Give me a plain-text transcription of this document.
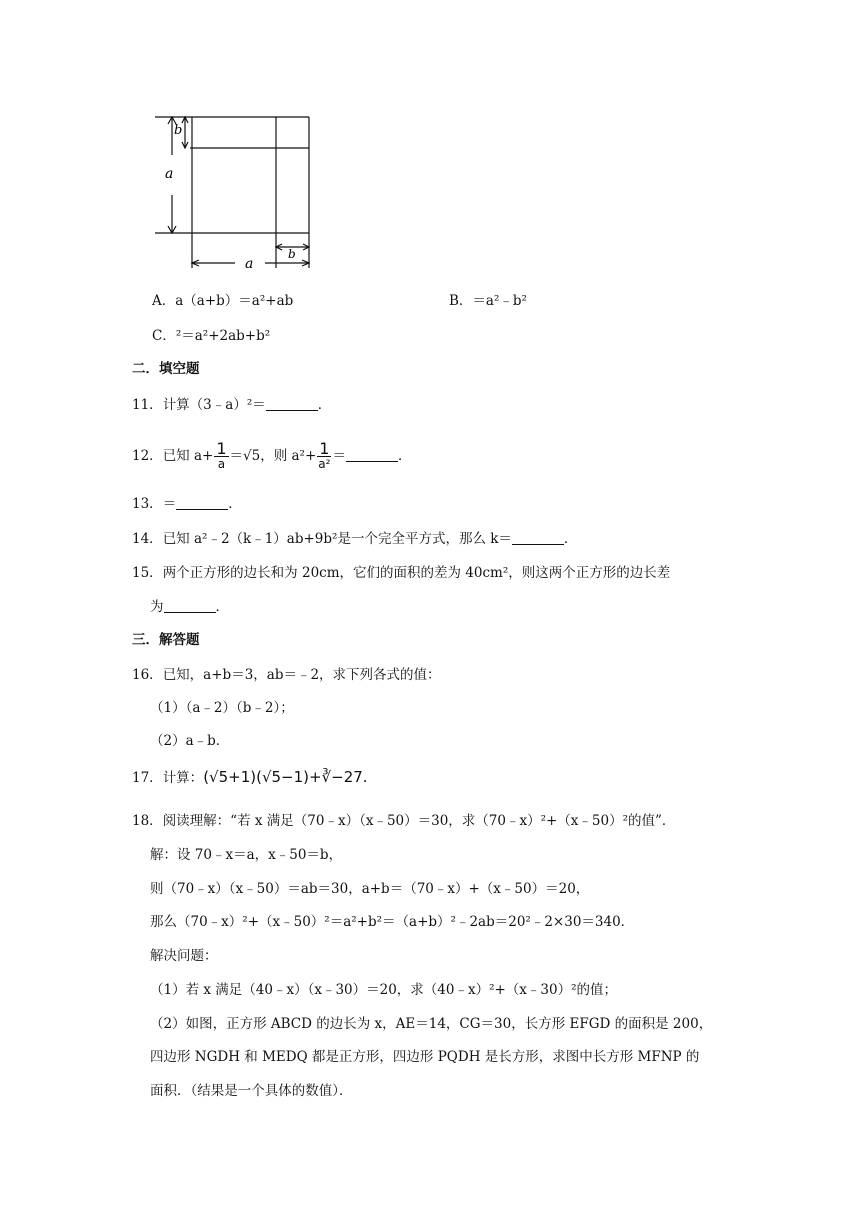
b
a
a
b
A．a（a+b）＝a²+ab	B．＝a²﹣b²
C．²＝a²+2ab+b²
二．填空题
11．计算（3﹣a）²＝	．
12．已知 $a+ \frac{1}{a} =√5$，则 $a^2+ \frac{1}{\text{a²}}$ ＝	．
13．＝	．
14．已知 a²﹣2（k﹣1）ab+9b²是一个完全平方式，那么 k＝	．
15．两个正方形的边长和为 20cm，它们的面积的差为 40cm²，则这两个正方形的边长差
为	．
三．解答题
16．已知，a+b＝3，ab＝﹣2，求下列各式的值：
（1）（a﹣2）（b﹣2）；
（2）a﹣b．
17．计算：(√5+1)(√5−1)+∛−27.
18．阅读理解：“若 x 满足（70﹣x）（x﹣50）＝30，求（70﹣x）²+（x﹣50）²的值”．
解：设 70﹣x＝a，x﹣50＝b，
则（70﹣x）（x﹣50）＝ab＝30，a+b＝（70﹣x）+（x﹣50）＝20，
那么（70﹣x）²+（x﹣50）²＝a²+b²＝（a+b）²﹣2ab＝20²﹣2×30＝340．
解决问题：
（1）若 x 满足（40﹣x）（x﹣30）＝20，求（40﹣x）²+（x﹣30）²的值；
（2）如图，正方形 ABCD 的边长为 x，AE＝14，CG＝30，长方形 EFGD 的面积是 200，
四边形 NGDH 和 MEDQ 都是正方形，四边形 PQDH 是长方形，求图中长方形 MFNP 的
面积．（结果是一个具体的数值）．
